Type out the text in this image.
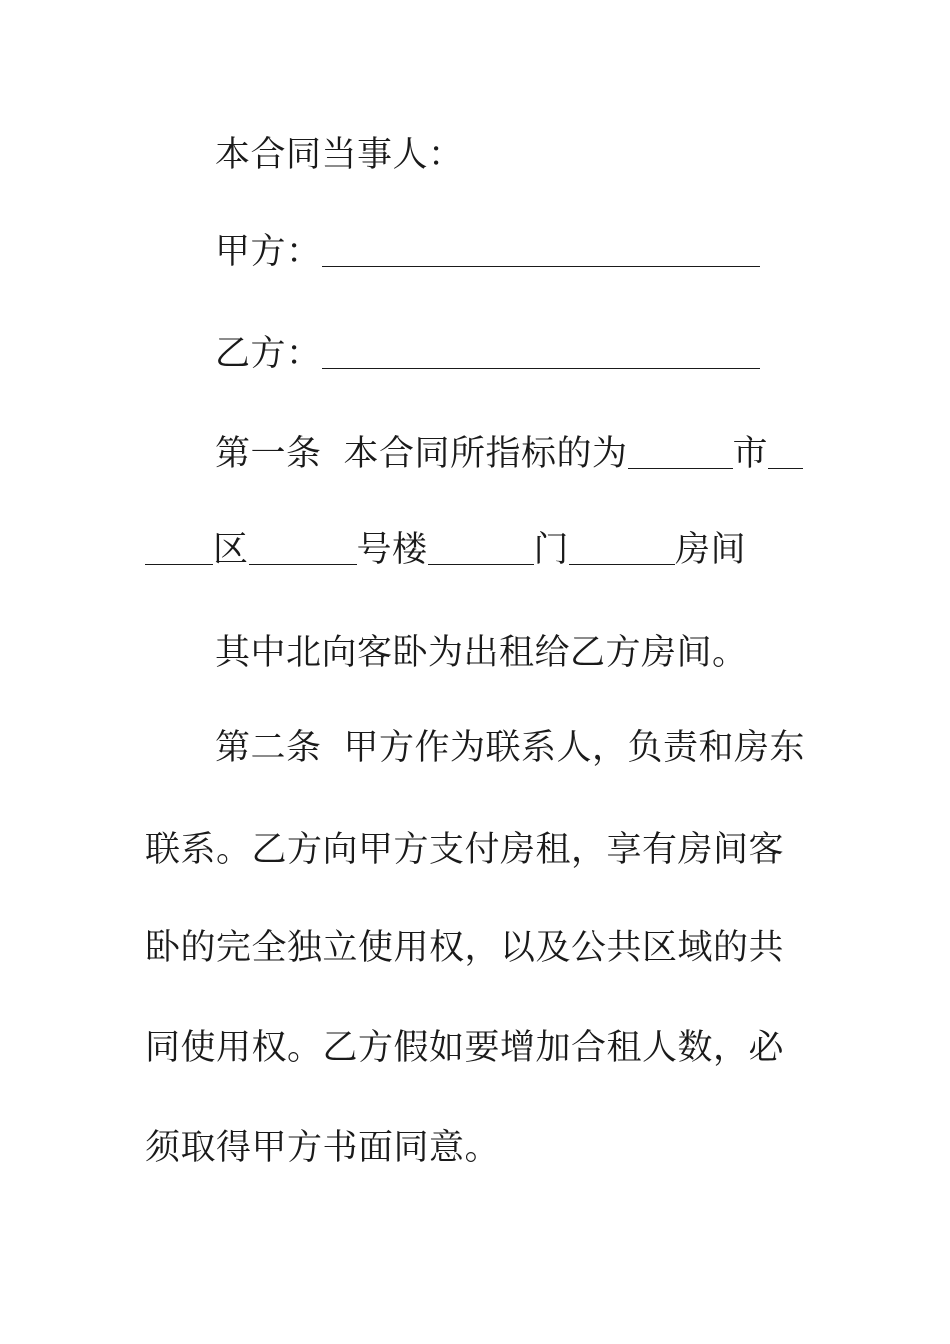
本合同当事人：
甲方：
乙方：
第一条 本合同所指标的为	市
区	号楼	门	房间
其中北向客卧为出租给乙方房间。
第二条 甲方作为联系人，负责和房东
联系。乙方向甲方支付房租，享有房间客
卧的完全独立使用权，以及公共区域的共
同使用权。乙方假如要增加合租人数，必
须取得甲方书面同意。
